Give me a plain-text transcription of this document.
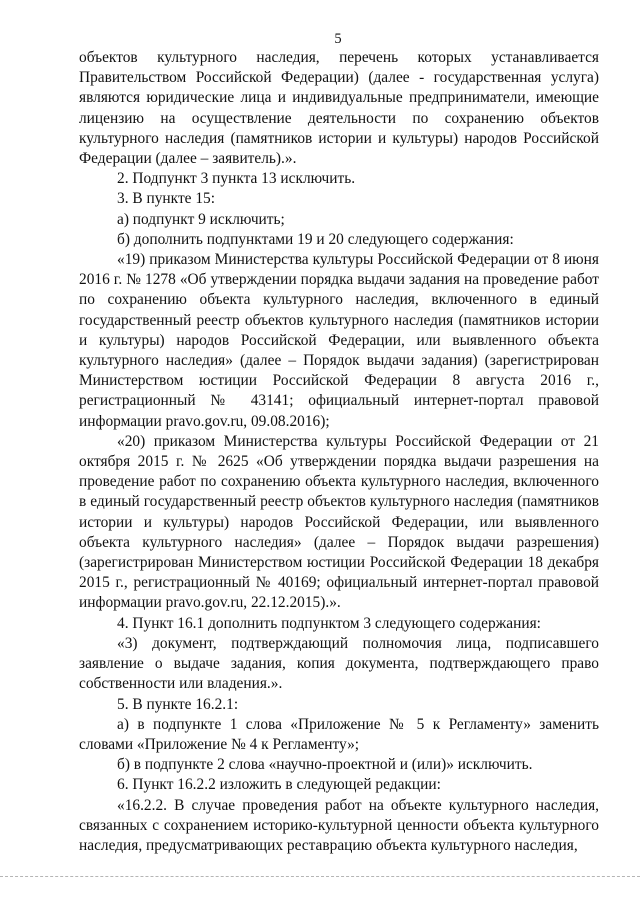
5

объектов культурного наследия, перечень которых устанавливается Правительством Российской Федерации) (далее - государственная услуга) являются юридические лица и индивидуальные предприниматели, имеющие лицензию на осуществление деятельности по сохранению объектов культурного наследия (памятников истории и культуры) народов Российской Федерации (далее – заявитель).».

2. Подпункт 3 пункта 13 исключить.

3. В пункте 15:

а) подпункт 9 исключить;

б) дополнить подпунктами 19 и 20 следующего содержания:

«19) приказом Министерства культуры Российской Федерации от 8 июня 2016 г. № 1278 «Об утверждении порядка выдачи задания на проведение работ по сохранению объекта культурного наследия, включенного в единый государственный реестр объектов культурного наследия (памятников истории и культуры) народов Российской Федерации, или выявленного объекта культурного наследия» (далее – Порядок выдачи задания) (зарегистрирован Министерством юстиции Российской Федерации 8 августа 2016 г., регистрационный № 43141; официальный интернет-портал правовой информации pravo.gov.ru, 09.08.2016);

«20) приказом Министерства культуры Российской Федерации от 21 октября 2015 г. № 2625 «Об утверждении порядка выдачи разрешения на проведение работ по сохранению объекта культурного наследия, включенного в единый государственный реестр объектов культурного наследия (памятников истории и культуры) народов Российской Федерации, или выявленного объекта культурного наследия» (далее – Порядок выдачи разрешения) (зарегистрирован Министерством юстиции Российской Федерации 18 декабря 2015 г., регистрационный № 40169; официальный интернет-портал правовой информации pravo.gov.ru, 22.12.2015).».

4. Пункт 16.1 дополнить подпунктом 3 следующего содержания:

«3) документ, подтверждающий полномочия лица, подписавшего заявление о выдаче задания, копия документа, подтверждающего право собственности или владения.».

5. В пункте 16.2.1:

а) в подпункте 1 слова «Приложение № 5 к Регламенту» заменить словами «Приложение № 4 к Регламенту»;

б) в подпункте 2 слова «научно-проектной и (или)» исключить.

6. Пункт 16.2.2 изложить в следующей редакции:

«16.2.2. В случае проведения работ на объекте культурного наследия, связанных с сохранением историко-культурной ценности объекта культурного наследия, предусматривающих реставрацию объекта культурного наследия,
